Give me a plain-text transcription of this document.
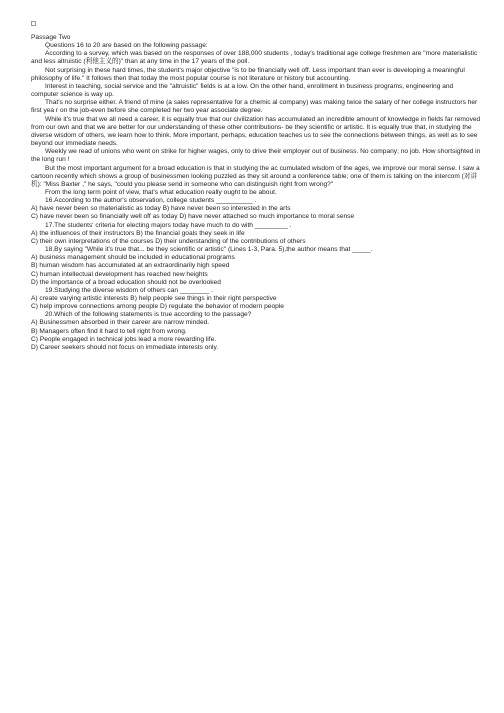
Passage Two

Questions 16 to 20 are based on the following passage:

According to a survey, which was based on the responses of over 188,000 students , today's traditional age college freshmen are "more materialistic and less altruistic (利他主义的)" than at any time in the 17 years of the poll.

Not surprising in these hard times, the student's major objective "is to be financially well off. Less important than ever is developing a meaningful philosophy of life." It follows then that today the most popular course is not literature or history but accounting.

Interest in teaching, social service and the "altruistic" fields is at a low. On the other hand, enrollment in business programs, engineering and computer science is way up.

That's no surprise either. A friend of mine (a sales representative for a chemic al company) was making twice the salary of her college instructors her first yea r on the job-even before she completed her two year associate degree.

While it's true that we all need a career, it is equally true that our civilization has accumulated an incredible amount of knowledge in fields far removed from our own and that we are better for our understanding of these other contributions- be they scientific or artistic. It is equally true that, in studying the diverse wisdom of others, we learn how to think. More important, perhaps, education teaches us to see the connections between things, as well as to see beyond our immediate needs.

Weekly we read of unions who went on strike for higher wages, only to drive their employer out of business. No company; no job. How shortsighted in the long run !

But the most important argument for a broad education is that in studying the ac cumulated wisdom of the ages, we improve our moral sense. I saw a cartoon recently which shows a group of businessmen looking puzzled as they sit around a conference table; one of them is talking on the intercom (对讲机): "Miss Baxter ," he says, "could you please send in someone who can distinguish right from wrong?"

From the long term point of view, that's what education really ought to be about.

16.According to the author's observation, college students __________ .

A) have never been so materialistic as today B) have never been so interested in the arts

C) have never been so financially well off as today D) have never attached so much importance to moral sense

17.The students' criteria for electing majors today have much to do with _________ .

A) the influences of their instructors B) the financial goals they seek in life

C) their own interpretations of the courses D) their understanding of the contributions of others

18.By saying "While it's true that... be they scientific or artistic" (Lines 1-3, Para. 5),the author means that _____.

A) business management should be included in educational programs

B) human wisdom has accumulated at an extraordinarily high speed

C) human intellectual development has reached new heights

D) the importance of a broad education should not be overlooked

19.Studying the diverse wisdom of others can ________ .

A) create varying artistic interests B) help people see things in their right perspective

C) help improve connections among people D) regulate the behavior of modern people

20.Which of the following statements is true according to the passage?

A) Businessmen absorbed in their career are narrow minded.

B) Managers often find it hard to tell right from wrong.

C) People engaged in technical jobs lead a more rewarding life.

D) Career seekers should not focus on immediate interests only.
